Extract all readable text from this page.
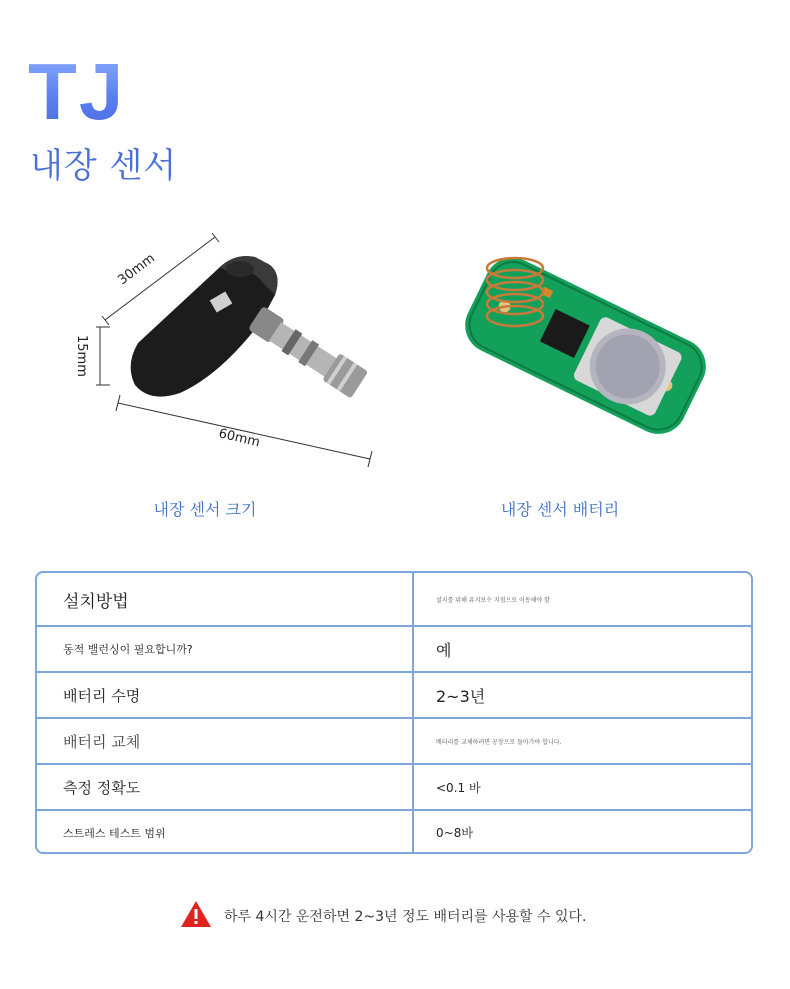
TJ
내장 센서
30mm
15mm
60mm
내장 센서 크기	내장 센서 배터리
설치방법	설치를 위해 유지보수 지점으로 이동해야 함
동적 밸런싱이 필요합니까?	예
배터리 수명	2~3년
배터리 교체	배터리를 교체하려면 공장으로 돌아가야 합니다.
측정 정확도	<0.1 바
스트레스 테스트 범위	0~8바
하루 4시간 운전하면 2~3년 정도 배터리를 사용할 수 있다.
